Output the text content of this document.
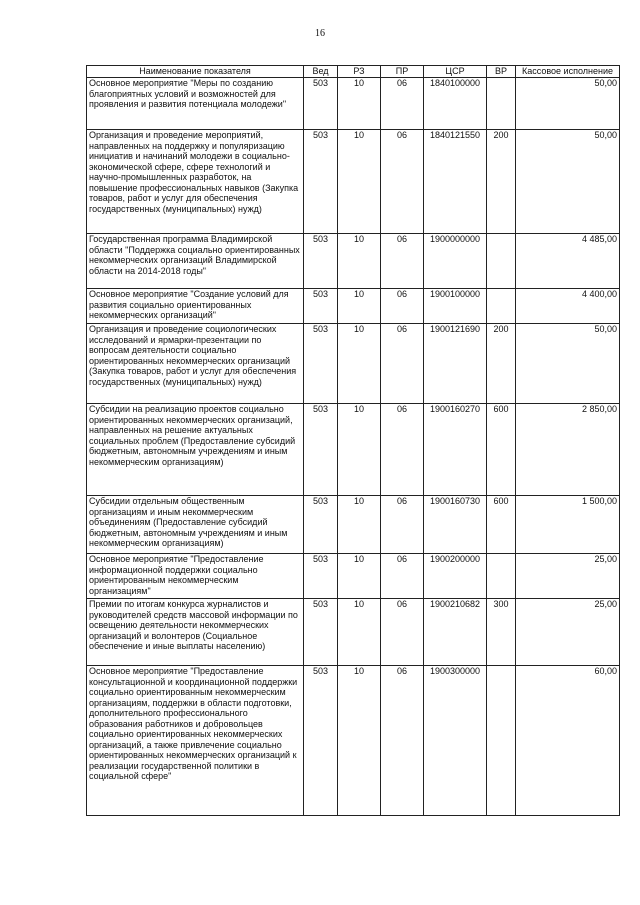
16
Наименование показателя	Вед	РЗ	ПР	ЦСР	ВР	Кассовое исполнение
Основное мероприятие "Меры по созданию благоприятных условий и возможностей для проявления и развития потенциала молодежи"	503	10	06	1840100000		50,00
Организация и проведение мероприятий, направленных на поддержку и популяризацию инициатив и начинаний молодежи в социально-экономической сфере, сфере технологий и научно-промышленных разработок, на повышение профессиональных навыков (Закупка товаров, работ и услуг для обеспечения государственных (муниципальных) нужд)	503	10	06	1840121550	200	50,00
Государственная программа Владимирской области "Поддержка социально ориентированных некоммерческих организаций Владимирской области на 2014-2018 годы"	503	10	06	1900000000		4 485,00
Основное мероприятие "Создание условий для развития социально ориентированных некоммерческих организаций"	503	10	06	1900100000		4 400,00
Организация и проведение социологических исследований и ярмарки-презентации по вопросам деятельности социально ориентированных некоммерческих организаций (Закупка товаров, работ и услуг для обеспечения государственных (муниципальных) нужд)	503	10	06	1900121690	200	50,00
Субсидии на реализацию проектов социально ориентированных некоммерческих организаций, направленных на решение актуальных социальных проблем (Предоставление субсидий бюджетным, автономным учреждениям и иным некоммерческим организациям)	503	10	06	1900160270	600	2 850,00
Субсидии отдельным общественным организациям и иным некоммерческим объединениям (Предоставление субсидий бюджетным, автономным учреждениям и иным некоммерческим организациям)	503	10	06	1900160730	600	1 500,00
Основное мероприятие "Предоставление информационной поддержки социально ориентированным некоммерческим организациям"	503	10	06	1900200000		25,00
Премии по итогам конкурса журналистов и руководителей средств массовой информации по освещению деятельности некоммерческих организаций и волонтеров (Социальное обеспечение и иные выплаты населению)	503	10	06	1900210682	300	25,00
Основное мероприятие "Предоставление консультационной и координационной поддержки социально ориентированным некоммерческим организациям, поддержки в области подготовки, дополнительного профессионального образования работников и добровольцев социально ориентированных некоммерческих организаций, а также привлечение социально ориентированных некоммерческих организаций к реализации государственной политики в социальной сфере"	503	10	06	1900300000		60,00
